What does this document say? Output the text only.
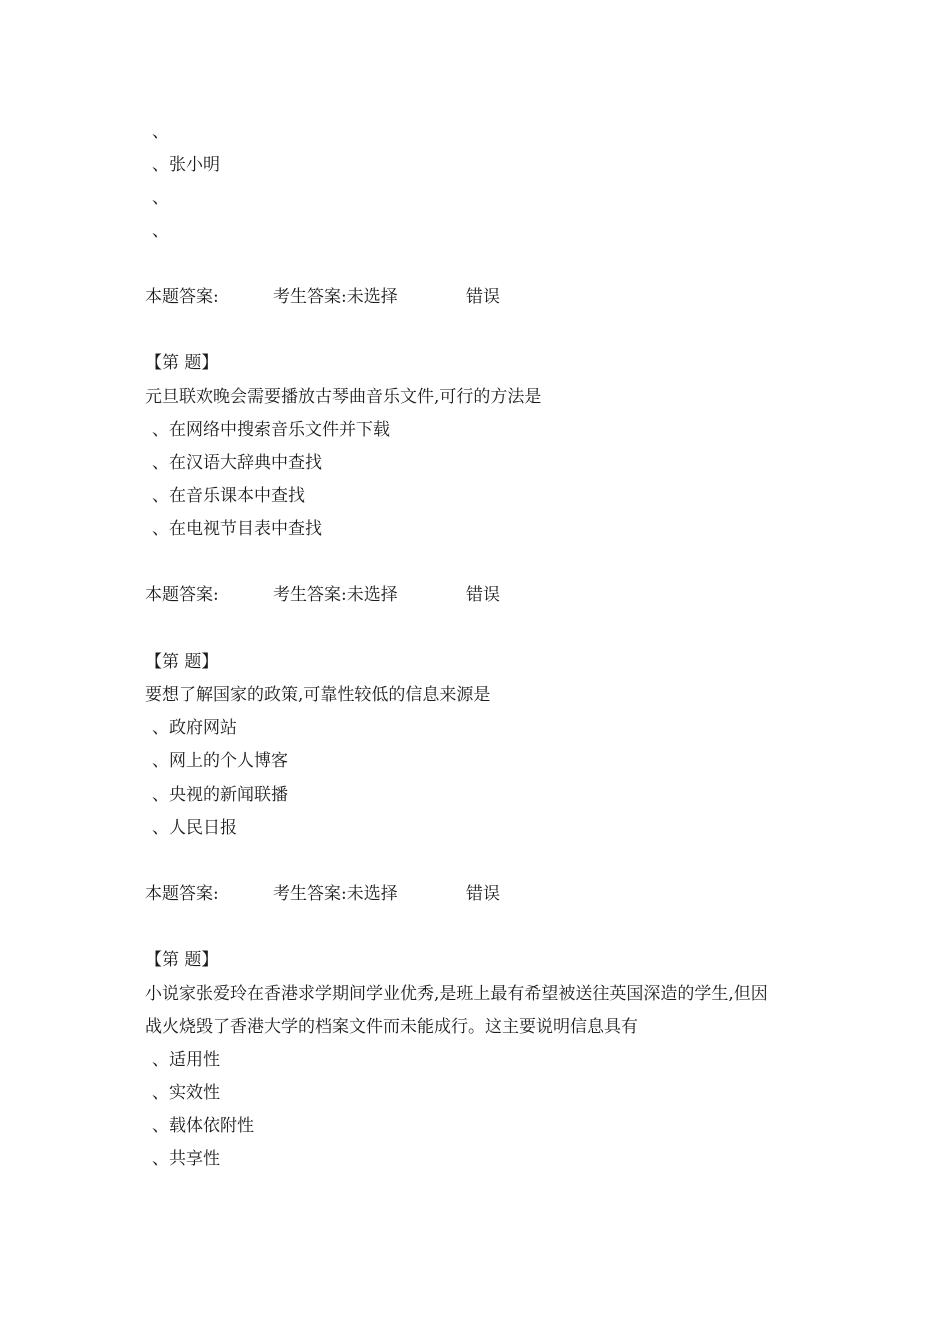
、
、张小明
、
、
本题答案:	考生答案:未选择	错误
【第 题】
元旦联欢晚会需要播放古琴曲音乐文件,可行的方法是
、在网络中搜索音乐文件并下载
、在汉语大辞典中查找
、在音乐课本中查找
、在电视节目表中查找
本题答案:	考生答案:未选择	错误
【第 题】
要想了解国家的政策,可靠性较低的信息来源是
、政府网站
、网上的个人博客
、央视的新闻联播
、人民日报
本题答案:	考生答案:未选择	错误
【第 题】
小说家张爱玲在香港求学期间学业优秀,是班上最有希望被送往英国深造的学生,但因
战火烧毁了香港大学的档案文件而未能成行。这主要说明信息具有
、适用性
、实效性
、载体依附性
、共享性
